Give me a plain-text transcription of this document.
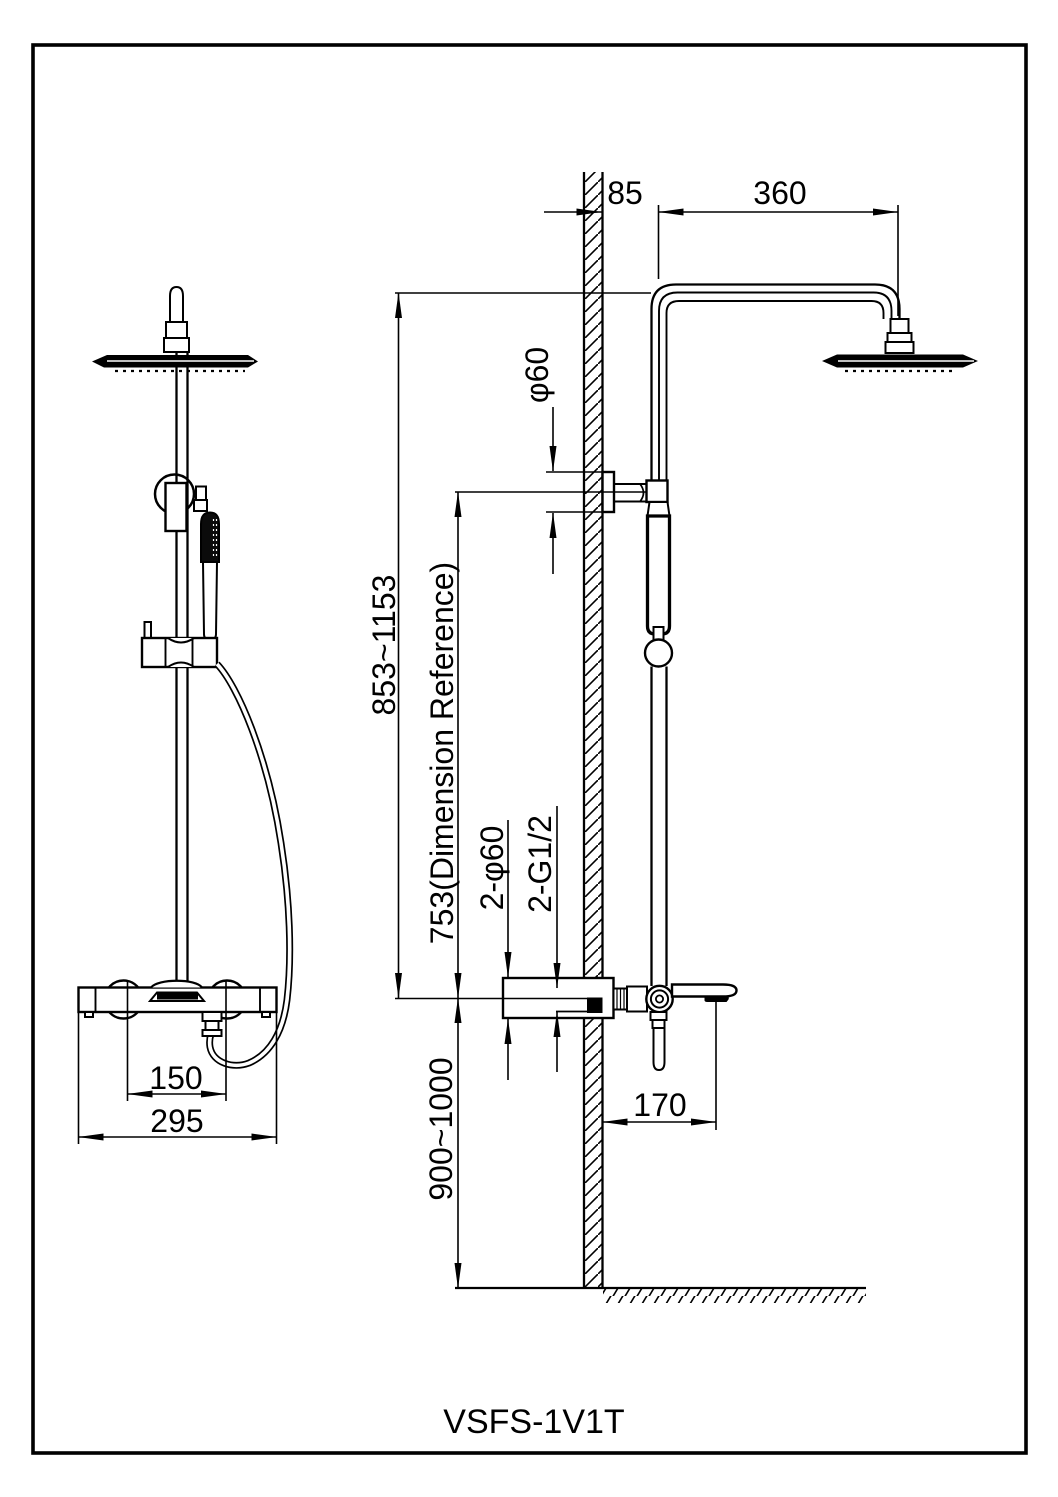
85	360
φ60
853~1153 753(Dimension Reference) 2-φ60 2-G1/2
900~1000
150
295	170
VSFS-1V1T
